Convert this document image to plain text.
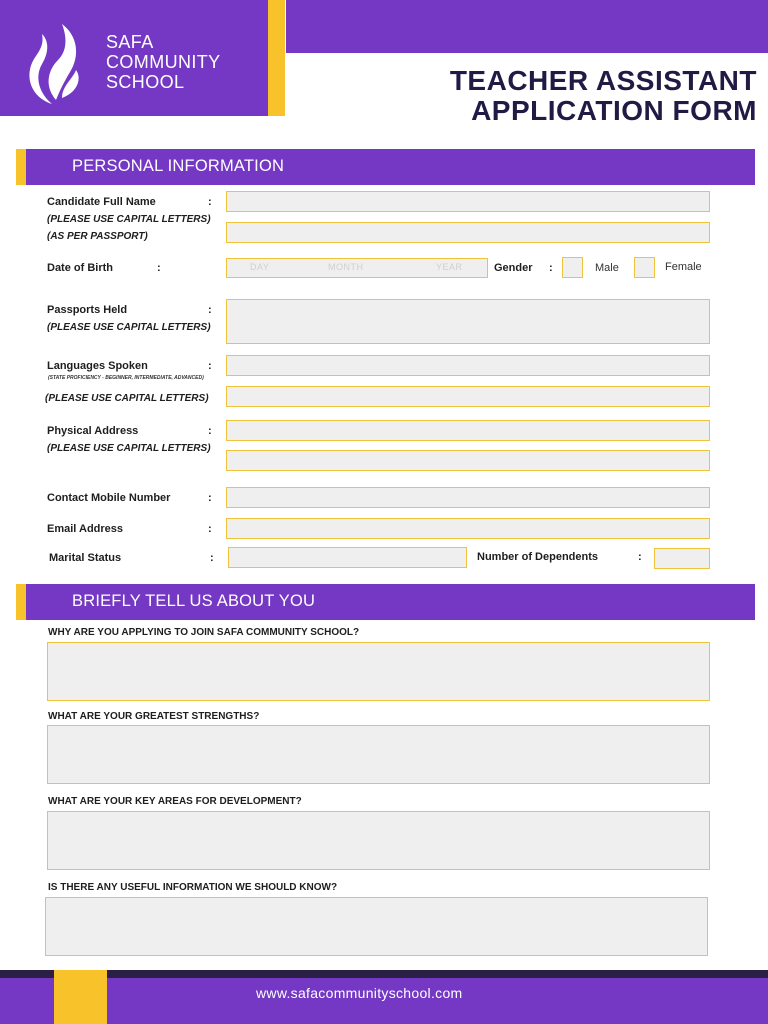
SAFA
COMMUNITY
SCHOOL	TEACHER ASSISTANT
APPLICATION FORM
PERSONAL INFORMATION
Candidate Full Name	:
(PLEASE USE CAPITAL LETTERS)
(AS PER PASSPORT)
Date of Birth	:	DAY	MONTH	YEAR	Gender :	Male	Female
Passports Held	:
(PLEASE USE CAPITAL LETTERS)
Languages Spoken	:
(STATE PROFICIENCY - BEGINNER, INTERMEDIATE, ADVANCED)
(PLEASE USE CAPITAL LETTERS)
Physical Address	:
(PLEASE USE CAPITAL LETTERS)
Contact Mobile Number	:
Email Address	:
Marital Status	:	Number of Dependents	:
BRIEFLY TELL US ABOUT YOU
WHY ARE YOU APPLYING TO JOIN SAFA COMMUNITY SCHOOL?
WHAT ARE YOUR GREATEST STRENGTHS?
WHAT ARE YOUR KEY AREAS FOR DEVELOPMENT?
IS THERE ANY USEFUL INFORMATION WE SHOULD KNOW?
www.safacommunityschool.com
